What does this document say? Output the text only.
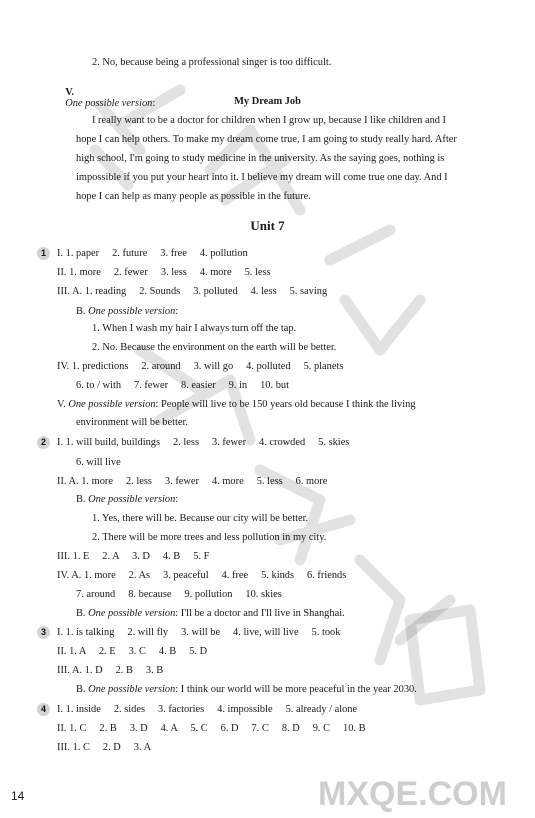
2. No, because being a professional singer is too difficult.

V.
One possible version:	My Dream Job
I really want to be a doctor for children when I grow up, because I like children and I
hope I can help others. To make my dream come true, I am going to study really hard. After
high school, I'm going to study medicine in the university. As the saying goes, nothing is
impossible if you put your heart into it. I believe my dream will come true one day. And I
hope I can help as many people as possible in the future.
Unit 7
1	I. 1. paper     2. future     3. free     4. pollution
II. 1. more     2. fewer     3. less     4. more     5. less
III. A. 1. reading     2. Sounds     3. polluted     4. less     5. saving
B. One possible version:
1. When I wash my hair I always turn off the tap.
2. No. Because the environment on the earth will be better.
IV. 1. predictions     2. around     3. will go     4. polluted     5. planets
6. to / with     7. fewer     8. easier     9. in     10. but
V. One possible version: People will live to be 150 years old because I think the living
environment will be better.
2	I. 1. will build, buildings     2. less     3. fewer     4. crowded     5. skies
6. will live
II. A. 1. more     2. less     3. fewer     4. more     5. less     6. more
B. One possible version:
1. Yes, there will be. Because our city will be better.
2. There will be more trees and less pollution in my city.
III. 1. E     2. A     3. D     4. B     5. F
IV. A. 1. more     2. As     3. peaceful     4. free     5. kinds     6. friends
7. around     8. because     9. pollution     10. skies
B. One possible version: I'll be a doctor and I'll live in Shanghai.
3	I. 1. is talking     2. will fly     3. will be     4. live, will live     5. took
II. 1. A     2. E     3. C     4. B     5. D
III. A. 1. D     2. B     3. B
B. One possible version: I think our world will be more peaceful in the year 2030.
4	I. 1. inside     2. sides     3. factories     4. impossible     5. already / alone
II. 1. C     2. B     3. D     4. A     5. C     6. D     7. C     8. D     9. C     10. B
III. 1. C     2. D     3. A
14	MXQE.COM
